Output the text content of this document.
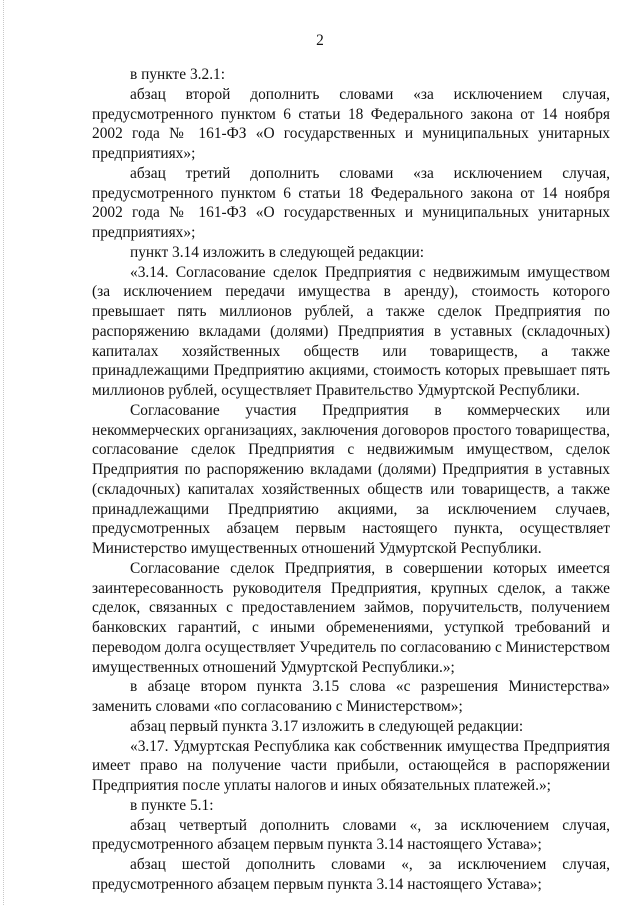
2

в пункте 3.2.1:

абзац второй дополнить словами «за исключением случая, предусмотренного пунктом 6 статьи 18 Федерального закона от 14 ноября 2002 года № 161-ФЗ «О государственных и муниципальных унитарных предприятиях»;

абзац третий дополнить словами «за исключением случая, предусмотренного пунктом 6 статьи 18 Федерального закона от 14 ноября 2002 года № 161-ФЗ «О государственных и муниципальных унитарных предприятиях»;

пункт 3.14 изложить в следующей редакции:

«3.14. Согласование сделок Предприятия с недвижимым имуществом (за исключением передачи имущества в аренду), стоимость которого превышает пять миллионов рублей, а также сделок Предприятия по распоряжению вкладами (долями) Предприятия в уставных (складочных) капиталах хозяйственных обществ или товариществ, а также принадлежащими Предприятию акциями, стоимость которых превышает пять миллионов рублей, осуществляет Правительство Удмуртской Республики.

Согласование участия Предприятия в коммерческих или некоммерческих организациях, заключения договоров простого товарищества, согласование сделок Предприятия с недвижимым имуществом, сделок Предприятия по распоряжению вкладами (долями) Предприятия в уставных (складочных) капиталах хозяйственных обществ или товариществ, а также принадлежащими Предприятию акциями, за исключением случаев, предусмотренных абзацем первым настоящего пункта, осуществляет Министерство имущественных отношений Удмуртской Республики.

Согласование сделок Предприятия, в совершении которых имеется заинтересованность руководителя Предприятия, крупных сделок, а также сделок, связанных с предоставлением займов, поручительств, получением банковских гарантий, с иными обременениями, уступкой требований и переводом долга осуществляет Учредитель по согласованию с Министерством имущественных отношений Удмуртской Республики.»;

в абзаце втором пункта 3.15 слова «с разрешения Министерства» заменить словами «по согласованию с Министерством»;

абзац первый пункта 3.17 изложить в следующей редакции:

«3.17. Удмуртская Республика как собственник имущества Предприятия имеет право на получение части прибыли, остающейся в распоряжении Предприятия после уплаты налогов и иных обязательных платежей.»;

в пункте 5.1:

абзац четвертый дополнить словами «, за исключением случая, предусмотренного абзацем первым пункта 3.14 настоящего Устава»;

абзац шестой дополнить словами «, за исключением случая, предусмотренного абзацем первым пункта 3.14 настоящего Устава»;
